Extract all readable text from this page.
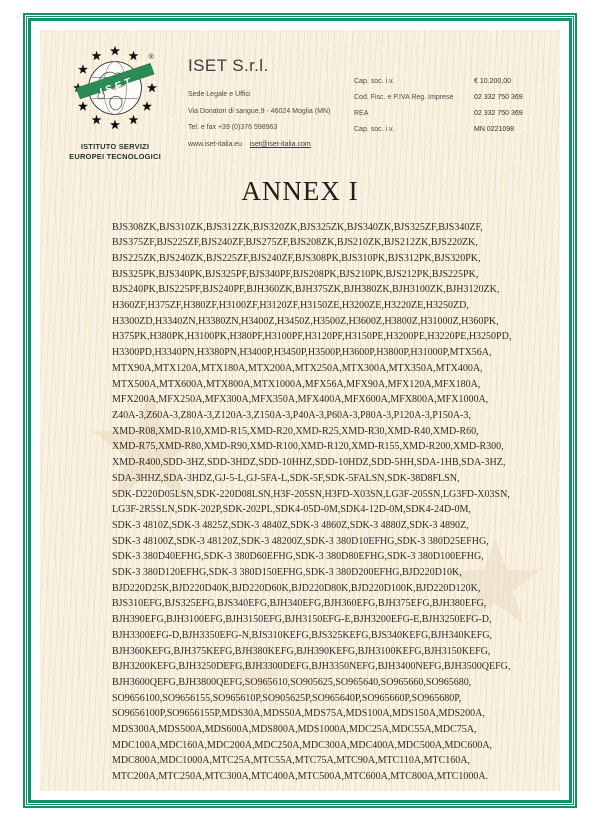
ISET
®
ISTITUTO SERVIZI
EUROPEI TECNOLOGICI
ISET S.r.l.
Sede Legale e Uffici
Via Donatori di sangue,9 - 46024 Moglia (MN)
Tel. e fax +39 (0)376 598963
www.iset-italia.eu iset@iset-italia.com
Cap. soc. i.v.	€ 10.200,00
Cod. Fisc. e P.IVA Reg. Imprese	02 332 750 369
REA	02 332 750 369
Cap. soc. i.v.	MN 0221098
ANNEX I
BJS308ZK,BJS310ZK,BJS312ZK,BJS320ZK,BJS325ZK,BJS340ZK,BJS325ZF,BJS340ZF,
BJS375ZF,BJS225ZF,BJS240ZF,BJS275ZF,BJS208ZK,BJS210ZK,BJS212ZK,BJS220ZK,
BJS225ZK,BJS240ZK,BJS225ZF,BJS240ZF,BJS308PK,BJS310PK,BJS312PK,BJS320PK,
BJS325PK,BJS340PK,BJS325PF,BJS340PF,BJS208PK,BJS210PK,BJS212PK,BJS225PK,
BJS240PK,BJS225PF,BJS240PF,BJH360ZK,BJH375ZK,BJH380ZK,BJH3100ZK,BJH3120ZK,
H360ZF,H375ZF,H380ZF,H3100ZF,H3120ZF,H3150ZE,H3200ZE,H3220ZE,H3250ZD,
H3300ZD,H3340ZN,H3380ZN,H3400Z,H3450Z,H3500Z,H3600Z,H3800Z,H31000Z,H360PK,
H375PK,H380PK,H3100PK,H380PF,H3100PF,H3120PF,H3150PE,H3200PE,H3220PE,H3250PD,
H3300PD,H3340PN,H3380PN,H3400P,H3450P,H3500P,H3600P,H3800P,H31000P,MTX56A,
MTX90A,MTX120A,MTX180A,MTX200A,MTX250A,MTX300A,MTX350A,MTX400A,
MTX500A,MTX600A,MTX800A,MTX1000A,MFX56A,MFX90A,MFX120A,MFX180A,
MFX200A,MFX250A,MFX300A,MFX350A,MFX400A,MFX600A,MFX800A,MFX1000A,
Z40A-3,Z60A-3,Z80A-3,Z120A-3,Z150A-3,P40A-3,P60A-3,P80A-3,P120A-3,P150A-3,
XMD-R08,XMD-R10,XMD-R15,XMD-R20,XMD-R25,XMD-R30,XMD-R40,XMD-R60,
XMD-R75,XMD-R80,XMD-R90,XMD-R100,XMD-R120,XMD-R155,XMD-R200,XMD-R300,
XMD-R400,SDD-3HZ,SDD-3HDZ,SDD-10HHZ,SDD-10HDZ,SDD-5HH,SDA-1HB,SDA-3HZ,
SDA-3HHZ,SDA-3HDZ,GJ-5-L,GJ-5FA-L,SDK-5F,SDK-5FALSN,SDK-38D8FLSN,
SDK-D220D05LSN,SDK-220D08LSN,H3F-205SN,H3FD-X03SN,LG3F-205SN,LG3FD-X03SN,
LG3F-2R5SLN,SDK-202P,SDK-202PL,SDK4-05D-0M,SDK4-12D-0M,SDK4-24D-0M,
SDK-3 4810Z,SDK-3 4825Z,SDK-3 4840Z,SDK-3 4860Z,SDK-3 4880Z,SDK-3 4890Z,
SDK-3 48100Z,SDK-3 48120Z,SDK-3 48200Z,SDK-3 380D10EFHG,SDK-3 380D25EFHG,
SDK-3 380D40EFHG,SDK-3 380D60EFHG,SDK-3 380D80EFHG,SDK-3 380D100EFHG,
SDK-3 380D120EFHG,SDK-3 380D150EFHG,SDK-3 380D200EFHG,BJD220D10K,
BJD220D25K,BJD220D40K,BJD220D60K,BJD220D80K,BJD220D100K,BJD220D120K,
BJS310EFG,BJS325EFG,BJS340EFG,BJH340EFG,BJH360EFG,BJH375EFG,BJH380EFG,
BJH390EFG,BJH3100EFG,BJH3150EFG,BJH3150EFG-E,BJH3200EFG-E,BJH3250EFG-D,
BJH3300EFG-D,BJH3350EFG-N,BJS310KEFG,BJS325KEFG,BJS340KEFG,BJH340KEFG,
BJH360KEFG,BJH375KEFG,BJH380KEFG,BJH390KEFG,BJH3100KEFG,BJH3150KEFG,
BJH3200KEFG,BJH3250DEFG,BJH3300DEFG,BJH3350NEFG,BJH3400NEFG,BJH3500QEFG,
BJH3600QEFG,BJH3800QEFG,SO965610,SO905625,SO965640,SO965660,SO965680,
SO9656100,SO9656155,SO965610P,SO905625P,SO965640P,SO965660P,SO965680P,
SO9656100P,SO9656155P,MDS30A,MDS50A,MDS75A,MDS100A,MDS150A,MDS200A,
MDS300A,MDS500A,MDS600A,MDS800A,MDS1000A,MDC25A,MDC55A,MDC75A,
MDC100A,MDC160A,MDC200A,MDC250A,MDC300A,MDC400A,MDC500A,MDC600A,
MDC800A,MDC1000A,MTC25A,MTC55A,MTC75A,MTC90A,MTC110A,MTC160A,
MTC200A,MTC250A,MTC300A,MTC400A,MTC500A,MTC600A,MTC800A,MTC1000A.
